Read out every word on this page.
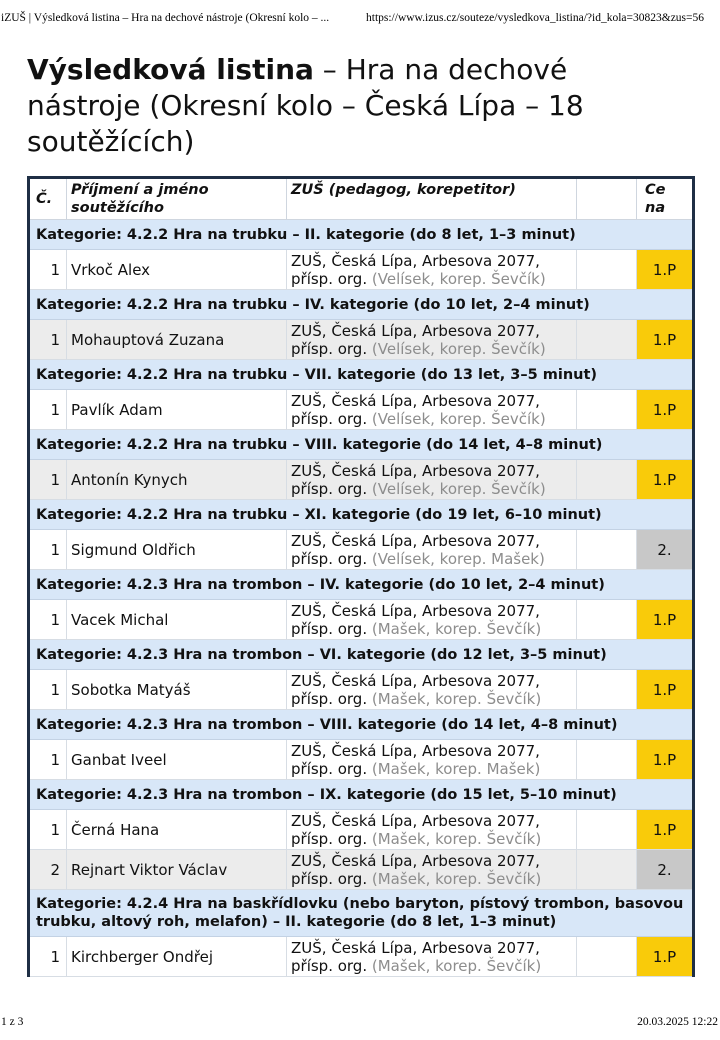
iZUŠ | Výsledková listina – Hra na dechové nástroje (Okresní kolo – ...	https://www.izus.cz/souteze/vysledkova_listina/?id_kola=30823&zus=56
Výsledková listina – Hra na dechové nástroje (Okresní kolo – Česká Lípa – 18 soutěžících)
Č.	Příjmení a jméno soutěžícího	ZUŠ (pedagog, korepetitor)		Ce na
Kategorie: 4.2.2 Hra na trubku – II. kategorie (do 8 let, 1–3 minut)				
1	Vrkoč Alex	ZUŠ, Česká Lípa, Arbesova 2077, přísp. org. (Velísek, korep. Ševčík)		1.P
Kategorie: 4.2.2 Hra na trubku – IV. kategorie (do 10 let, 2–4 minut)				
1	Mohauptová Zuzana	ZUŠ, Česká Lípa, Arbesova 2077, přísp. org. (Velísek, korep. Ševčík)		1.P
Kategorie: 4.2.2 Hra na trubku – VII. kategorie (do 13 let, 3–5 minut)				
1	Pavlík Adam	ZUŠ, Česká Lípa, Arbesova 2077, přísp. org. (Velísek, korep. Ševčík)		1.P
Kategorie: 4.2.2 Hra na trubku – VIII. kategorie (do 14 let, 4–8 minut)				
1	Antonín Kynych	ZUŠ, Česká Lípa, Arbesova 2077, přísp. org. (Velísek, korep. Ševčík)		1.P
Kategorie: 4.2.2 Hra na trubku – XI. kategorie (do 19 let, 6–10 minut)				
1	Sigmund Oldřich	ZUŠ, Česká Lípa, Arbesova 2077, přísp. org. (Velísek, korep. Mašek)		2.
Kategorie: 4.2.3 Hra na trombon – IV. kategorie (do 10 let, 2–4 minut)				
1	Vacek Michal	ZUŠ, Česká Lípa, Arbesova 2077, přísp. org. (Mašek, korep. Ševčík)		1.P
Kategorie: 4.2.3 Hra na trombon – VI. kategorie (do 12 let, 3–5 minut)				
1	Sobotka Matyáš	ZUŠ, Česká Lípa, Arbesova 2077, přísp. org. (Mašek, korep. Ševčík)		1.P
Kategorie: 4.2.3 Hra na trombon – VIII. kategorie (do 14 let, 4–8 minut)				
1	Ganbat Iveel	ZUŠ, Česká Lípa, Arbesova 2077, přísp. org. (Mašek, korep. Mašek)		1.P
Kategorie: 4.2.3 Hra na trombon – IX. kategorie (do 15 let, 5–10 minut)				
1	Černá Hana	ZUŠ, Česká Lípa, Arbesova 2077, přísp. org. (Mašek, korep. Ševčík)		1.P
2	Rejnart Viktor Václav	ZUŠ, Česká Lípa, Arbesova 2077, přísp. org. (Mašek, korep. Ševčík)		2.
Kategorie: 4.2.4 Hra na baskřídlovku (nebo baryton, pístový trombon, basovou trubku, altový roh, melafon) – II. kategorie (do 8 let, 1–3 minut)				
1	Kirchberger Ondřej	ZUŠ, Česká Lípa, Arbesova 2077, přísp. org. (Mašek, korep. Ševčík)		1.P
1 z 3	20.03.2025 12:22
